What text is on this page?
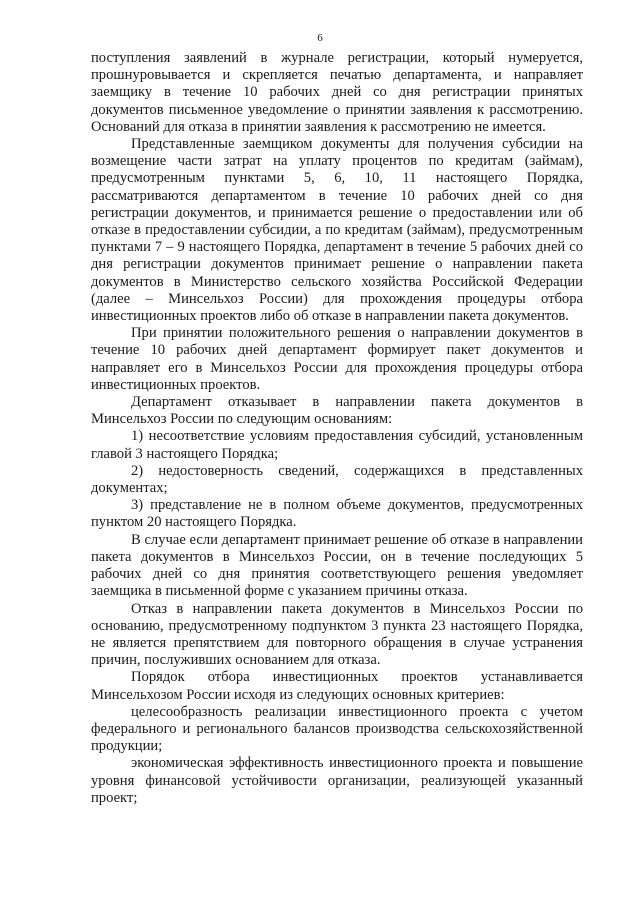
6

поступления заявлений в журнале регистрации, который нумеруется, прошнуровывается и скрепляется печатью департамента, и направляет заемщику в течение 10 рабочих дней со дня регистрации принятых документов письменное уведомление о принятии заявления к рассмотрению. Оснований для отказа в принятии заявления к рассмотрению не имеется.

Представленные заемщиком документы для получения субсидии на возмещение части затрат на уплату процентов по кредитам (займам), предусмотренным пунктами 5, 6, 10, 11 настоящего Порядка, рассматриваются департаментом в течение 10 рабочих дней со дня регистрации документов, и принимается решение о предоставлении или об отказе в предоставлении субсидии, а по кредитам (займам), предусмотренным пунктами 7 – 9 настоящего Порядка, департамент в течение 5 рабочих дней со дня регистрации документов принимает решение о направлении пакета документов в Министерство сельского хозяйства Российской Федерации (далее – Минсельхоз России) для прохождения процедуры отбора инвестиционных проектов либо об отказе в направлении пакета документов.

При принятии положительного решения о направлении документов в течение 10 рабочих дней департамент формирует пакет документов и направляет его в Минсельхоз России для прохождения процедуры отбора инвестиционных проектов.

Департамент отказывает в направлении пакета документов в Минсельхоз России по следующим основаниям:

1) несоответствие условиям предоставления субсидий, установленным главой 3 настоящего Порядка;

2) недостоверность сведений, содержащихся в представленных документах;

3) представление не в полном объеме документов, предусмотренных пунктом 20 настоящего Порядка.

В случае если департамент принимает решение об отказе в направлении пакета документов в Минсельхоз России, он в течение последующих 5 рабочих дней со дня принятия соответствующего решения уведомляет заемщика в письменной форме с указанием причины отказа.

Отказ в направлении пакета документов в Минсельхоз России по основанию, предусмотренному подпунктом 3 пункта 23 настоящего Порядка, не является препятствием для повторного обращения в случае устранения причин, послуживших основанием для отказа.

Порядок отбора инвестиционных проектов устанавливается Минсельхозом России исходя из следующих основных критериев:

целесообразность реализации инвестиционного проекта с учетом федерального и регионального балансов производства сельскохозяйственной продукции;

экономическая эффективность инвестиционного проекта и повышение уровня финансовой устойчивости организации, реализующей указанный проект;
